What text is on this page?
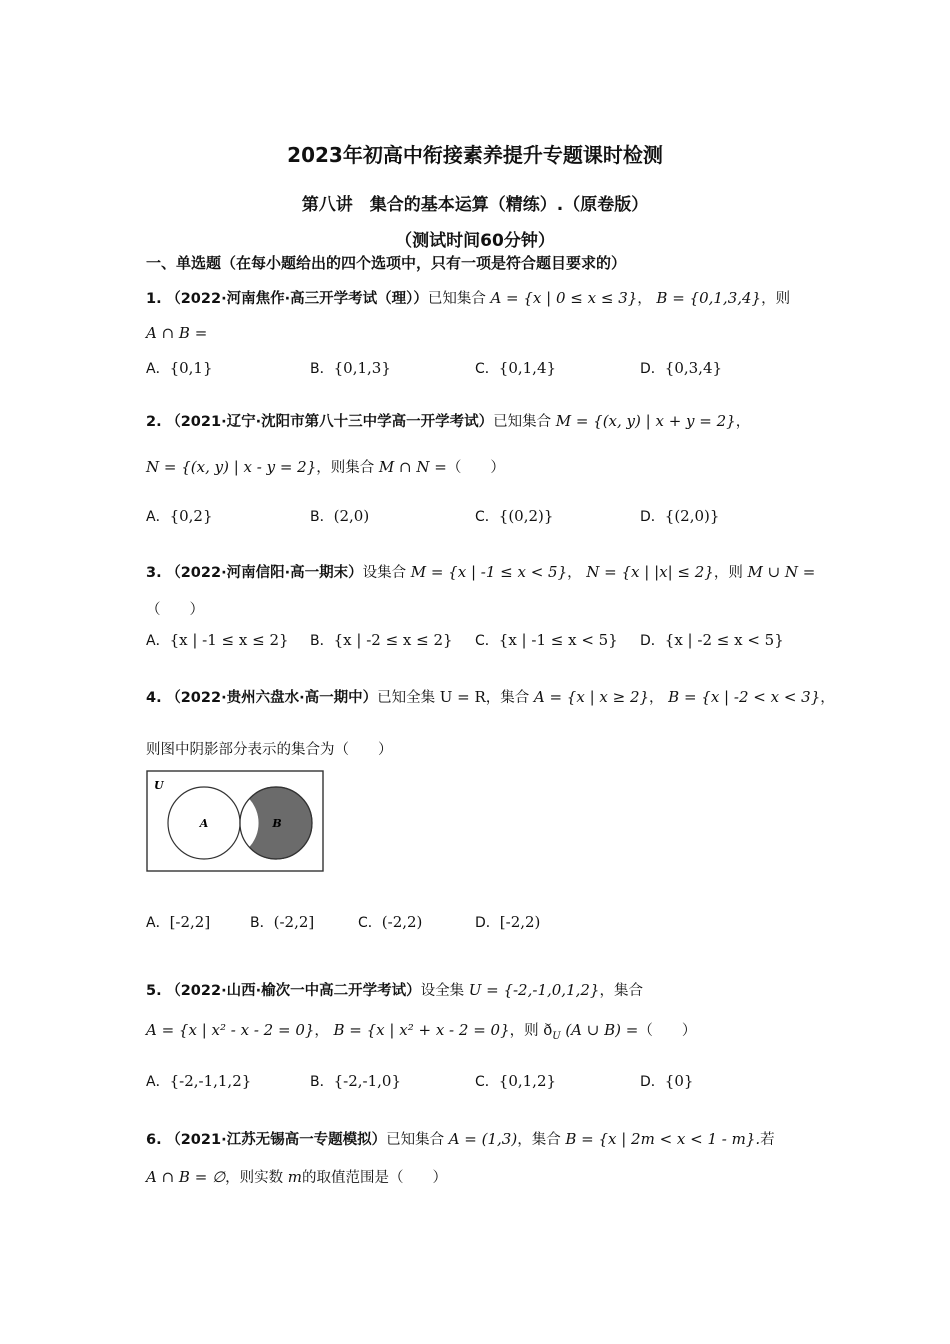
2023年初高中衔接素养提升专题课时检测
第八讲　集合的基本运算（精练）.（原卷版）
（测试时间60分钟）
一、单选题（在每小题给出的四个选项中，只有一项是符合题目要求的）
1. （2022·河南焦作·高三开学考试（理））已知集合 A = {x | 0 ≤ x ≤ 3}， B = {0,1,3,4}，则
A ∩ B =
A．{0,1}	B．{0,1,3}	C．{0,1,4}	D．{0,3,4}
2. （2021·辽宁·沈阳市第八十三中学高一开学考试）已知集合 M = {(x, y) | x + y = 2}，
N = {(x, y) | x - y = 2}，则集合 M ∩ N =（　　）
A．{0,2}	B．(2,0)	C．{(0,2)}	D．{(2,0)}
3. （2022·河南信阳·高一期末）设集合 M = {x | -1 ≤ x < 5}， N = {x | |x| ≤ 2}，则 M ∪ N =
（　　）
A．{x | -1 ≤ x ≤ 2} B．{x | -2 ≤ x ≤ 2} C．{x | -1 ≤ x < 5} D．{x | -2 ≤ x < 5}
4. （2022·贵州六盘水·高一期中）已知全集 U = R，集合 A = {x | x ≥ 2}， B = {x | -2 < x < 3}，
则图中阴影部分表示的集合为（　　）
U
A	B
A．[-2,2]	B．(-2,2]	C．(-2,2)	D．[-2,2)
5. （2022·山西·榆次一中高二开学考试）设全集 U = {-2,-1,0,1,2}，集合
A = {x | x² - x - 2 = 0}， B = {x | x² + x - 2 = 0}，则 $ð_U$ (A ∪ B) =（　　）
A．{-2,-1,1,2}	B．{-2,-1,0}	C．{0,1,2}	D．{0}
6. （2021·江苏无锡高一专题模拟）已知集合 A = (1,3)，集合 B = {x | 2m < x < 1 - m}.若
A ∩ B = ∅，则实数 m的取值范围是（　　）
